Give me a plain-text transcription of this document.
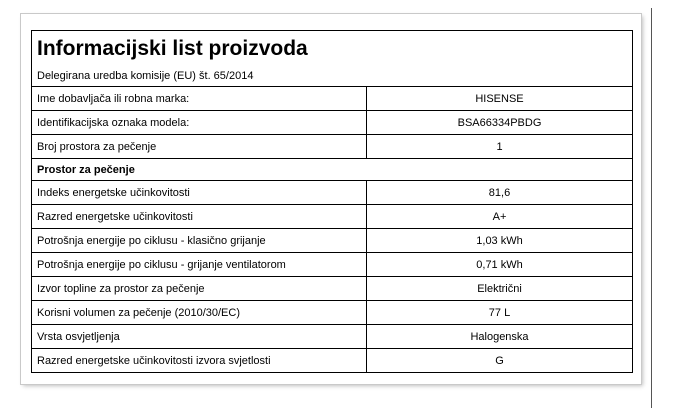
Informacijski list proizvoda	
Delegirana uredba komisije (EU) št. 65/2014	
Ime dobavljača ili robna marka:	HISENSE
Identifikacijska oznaka modela:	BSA66334PBDG
Broj prostora za pečenje	1
Prostor za pečenje	
Indeks energetske učinkovitosti	81,6
Razred energetske učinkovitosti	A+
Potrošnja energije po ciklusu - klasično grijanje	1,03 kWh
Potrošnja energije po ciklusu - grijanje ventilatorom	0,71 kWh
Izvor topline za prostor za pečenje	Električni
Korisni volumen za pečenje (2010/30/EC)	77 L
Vrsta osvjetljenja	Halogenska
Razred energetske učinkovitosti izvora svjetlosti	G
